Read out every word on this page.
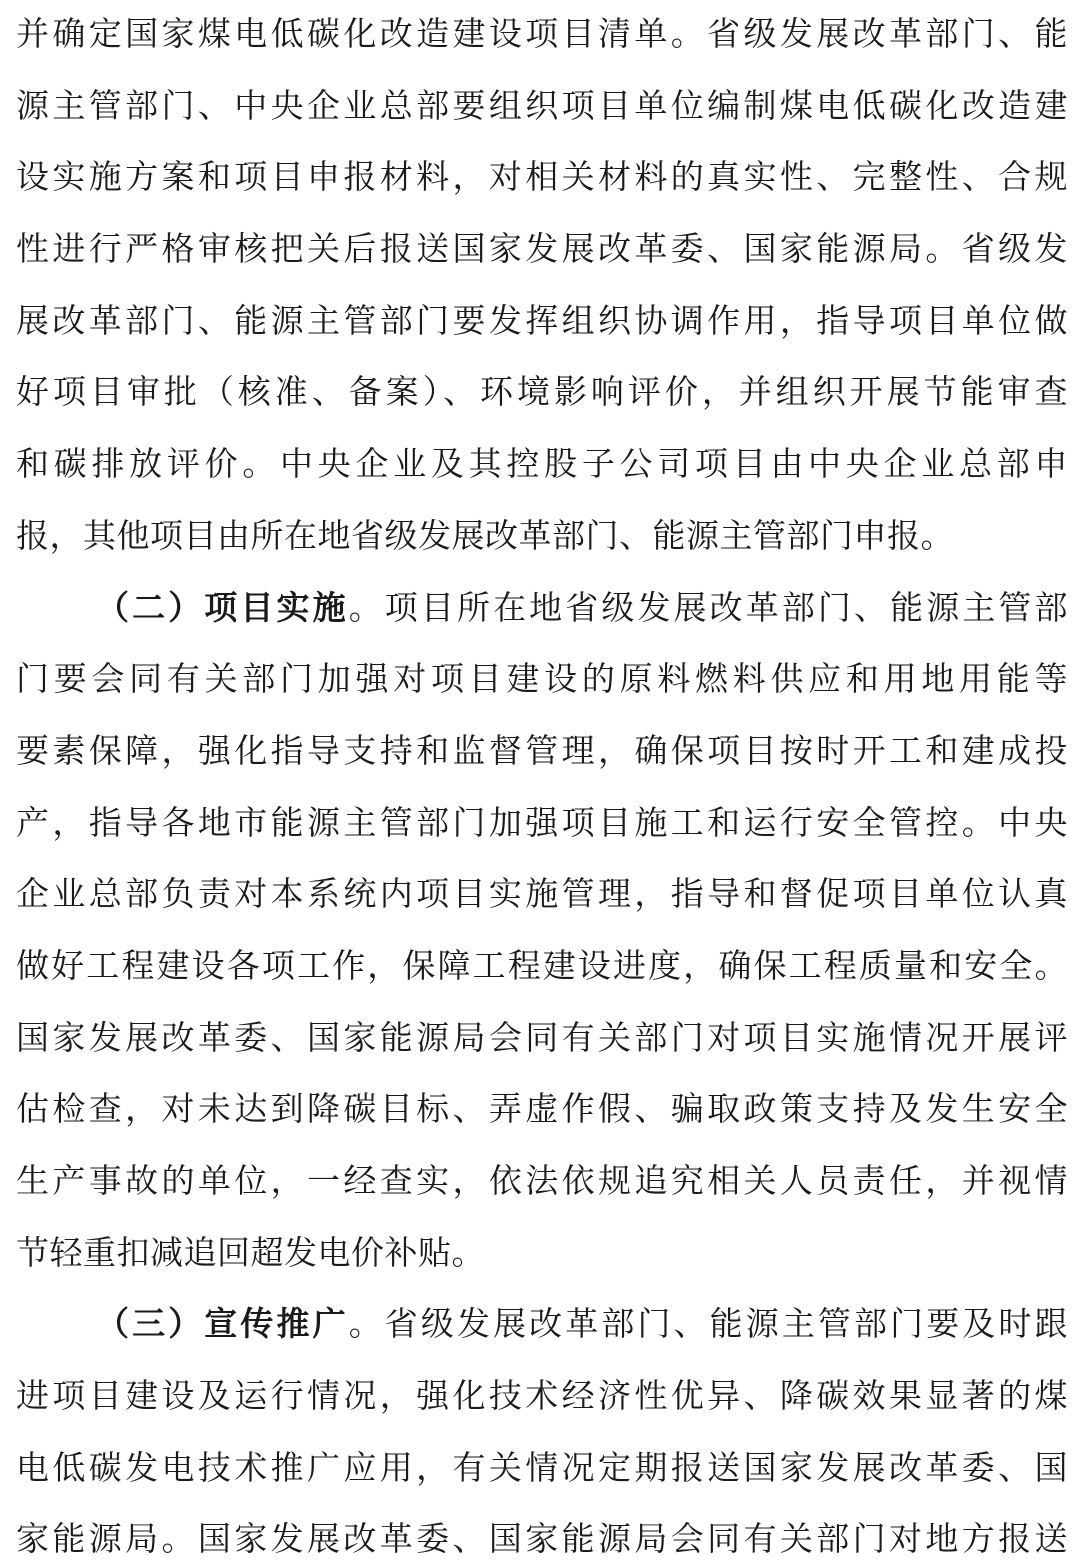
并确定国家煤电低碳化改造建设项目清单。省级发展改革部门、能
源主管部门、中央企业总部要组织项目单位编制煤电低碳化改造建
设实施方案和项目申报材料，对相关材料的真实性、完整性、合规
性进行严格审核把关后报送国家发展改革委、国家能源局。省级发
展改革部门、能源主管部门要发挥组织协调作用，指导项目单位做
好项目审批（核准、备案）、环境影响评价，并组织开展节能审查
和碳排放评价。中央企业及其控股子公司项目由中央企业总部申
报，其他项目由所在地省级发展改革部门、能源主管部门申报。
（二）项目实施。项目所在地省级发展改革部门、能源主管部
门要会同有关部门加强对项目建设的原料燃料供应和用地用能等
要素保障，强化指导支持和监督管理，确保项目按时开工和建成投
产，指导各地市能源主管部门加强项目施工和运行安全管控。中央
企业总部负责对本系统内项目实施管理，指导和督促项目单位认真
做好工程建设各项工作，保障工程建设进度，确保工程质量和安全。
国家发展改革委、国家能源局会同有关部门对项目实施情况开展评
估检查，对未达到降碳目标、弄虚作假、骗取政策支持及发生安全
生产事故的单位，一经查实，依法依规追究相关人员责任，并视情
节轻重扣减追回超发电价补贴。
（三）宣传推广。省级发展改革部门、能源主管部门要及时跟
进项目建设及运行情况，强化技术经济性优异、降碳效果显著的煤
电低碳发电技术推广应用，有关情况定期报送国家发展改革委、国
家能源局。国家发展改革委、国家能源局会同有关部门对地方报送
